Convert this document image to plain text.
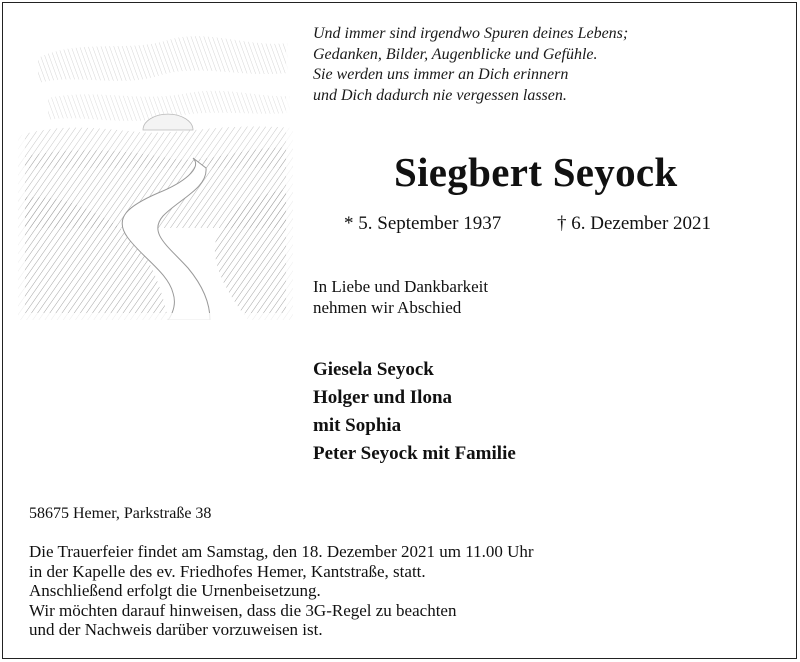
Und immer sind irgendwo Spuren deines Lebens;
Gedanken, Bilder, Augenblicke und Gefühle.
Sie werden uns immer an Dich erinnern
und Dich dadurch nie vergessen lassen.
Siegbert Seyock
* 5. September 1937	† 6. Dezember 2021
In Liebe und Dankbarkeit
nehmen wir Abschied
Giesela Seyock
Holger und Ilona
mit Sophia
Peter Seyock mit Familie
58675 Hemer, Parkstraße 38
Die Trauerfeier findet am Samstag, den 18. Dezember 2021 um 11.00 Uhr
in der Kapelle des ev. Friedhofes Hemer, Kantstraße, statt.
Anschließend erfolgt die Urnenbeisetzung.
Wir möchten darauf hinweisen, dass die 3G-Regel zu beachten
und der Nachweis darüber vorzuweisen ist.
